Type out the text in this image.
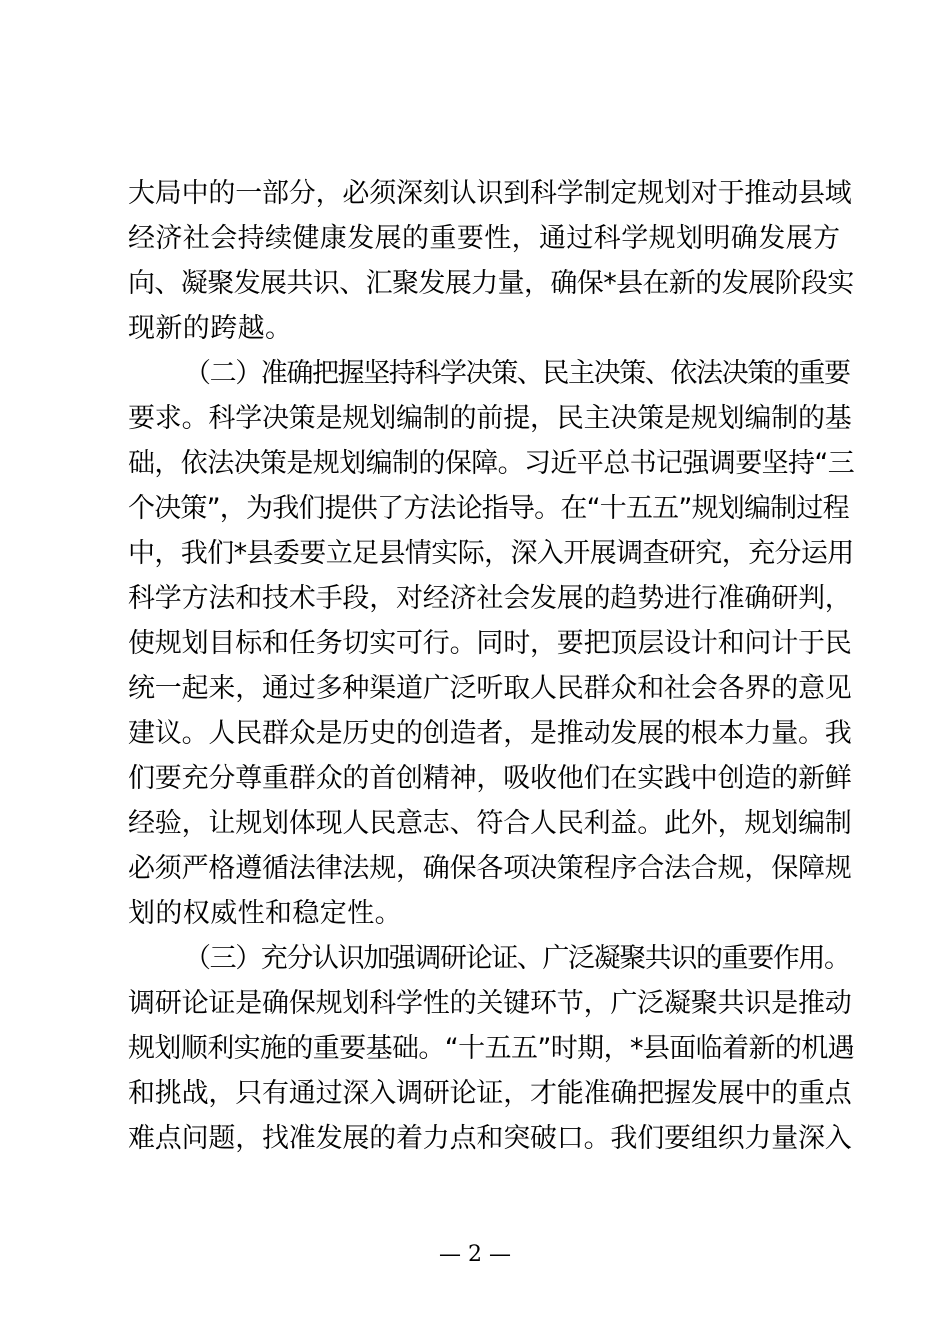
大局中的一部分，必须深刻认识到科学制定规划对于推动县域
经济社会持续健康发展的重要性，通过科学规划明确发展方
向、凝聚发展共识、汇聚发展力量，确保*县在新的发展阶段实
现新的跨越。
（二）准确把握坚持科学决策、民主决策、依法决策的重要
要求。科学决策是规划编制的前提，民主决策是规划编制的基
础，依法决策是规划编制的保障。习近平总书记强调要坚持“三
个决策”，为我们提供了方法论指导。在“十五五”规划编制过程
中，我们*县委要立足县情实际，深入开展调查研究，充分运用
科学方法和技术手段，对经济社会发展的趋势进行准确研判，
使规划目标和任务切实可行。同时，要把顶层设计和问计于民
统一起来，通过多种渠道广泛听取人民群众和社会各界的意见
建议。人民群众是历史的创造者，是推动发展的根本力量。我
们要充分尊重群众的首创精神，吸收他们在实践中创造的新鲜
经验，让规划体现人民意志、符合人民利益。此外，规划编制
必须严格遵循法律法规，确保各项决策程序合法合规，保障规
划的权威性和稳定性。
（三）充分认识加强调研论证、广泛凝聚共识的重要作用。
调研论证是确保规划科学性的关键环节，广泛凝聚共识是推动
规划顺利实施的重要基础。“十五五”时期，*县面临着新的机遇
和挑战，只有通过深入调研论证，才能准确把握发展中的重点
难点问题，找准发展的着力点和突破口。我们要组织力量深入
— 2 —
